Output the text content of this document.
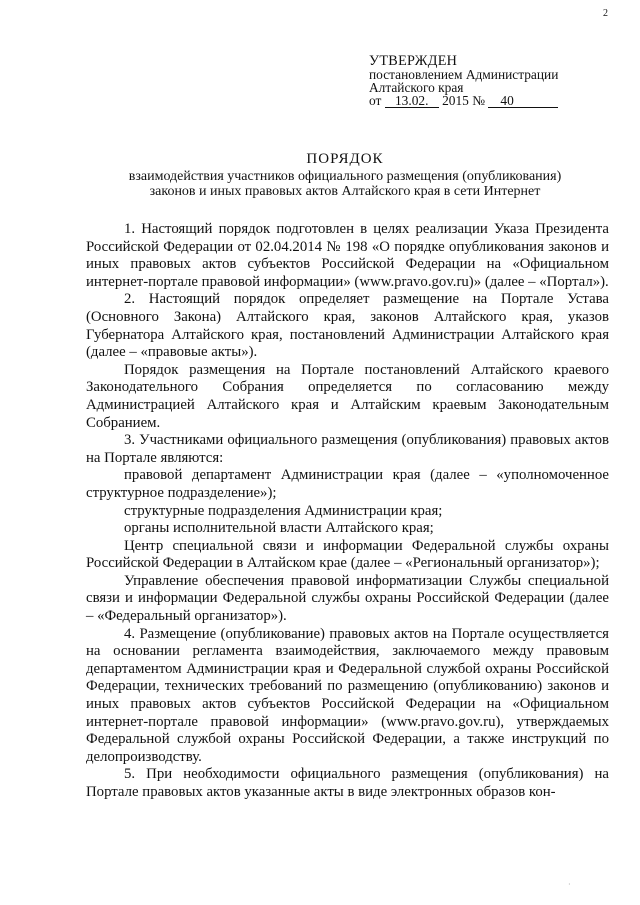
2
УТВЕРЖДЕН
постановлением Администрации
Алтайского края
от 13.02. 2015 № 40
ПОРЯДОК
взаимодействия участников официального размещения (опубликования)
законов и иных правовых актов Алтайского края в сети Интернет

1. Настоящий порядок подготовлен в целях реализации Указа Президента Российской Федерации от 02.04.2014 № 198 «О порядке опубликования законов и иных правовых актов субъектов Российской Федерации на «Официальном интернет-портале правовой информации» (www.pravo.gov.ru)» (далее – «Портал»).

2. Настоящий порядок определяет размещение на Портале Устава (Основного Закона) Алтайского края, законов Алтайского края, указов Губернатора Алтайского края, постановлений Администрации Алтайского края (далее – «правовые акты»).

Порядок размещения на Портале постановлений Алтайского краевого Законодательного Собрания определяется по согласованию между Администрацией Алтайского края и Алтайским краевым Законодательным Собранием.

3. Участниками официального размещения (опубликования) правовых актов на Портале являются:

правовой департамент Администрации края (далее – «уполномоченное структурное подразделение»);

структурные подразделения Администрации края;

органы исполнительной власти Алтайского края;

Центр специальной связи и информации Федеральной службы охраны Российской Федерации в Алтайском крае (далее – «Региональный организатор»);

Управление обеспечения правовой информатизации Службы специальной связи и информации Федеральной службы охраны Российской Федерации (далее – «Федеральный организатор»).

4. Размещение (опубликование) правовых актов на Портале осуществляется на основании регламента взаимодействия, заключаемого между правовым департаментом Администрации края и Федеральной службой охраны Российской Федерации, технических требований по размещению (опубликованию) законов и иных правовых актов субъектов Российской Федерации на «Официальном интернет-портале правовой информации» (www.pravo.gov.ru), утверждаемых Федеральной службой охраны Российской Федерации, а также инструкций по делопроизводству.

5. При необходимости официального размещения (опубликования) на Портале правовых актов указанные акты в виде электронных образов кон-

·
